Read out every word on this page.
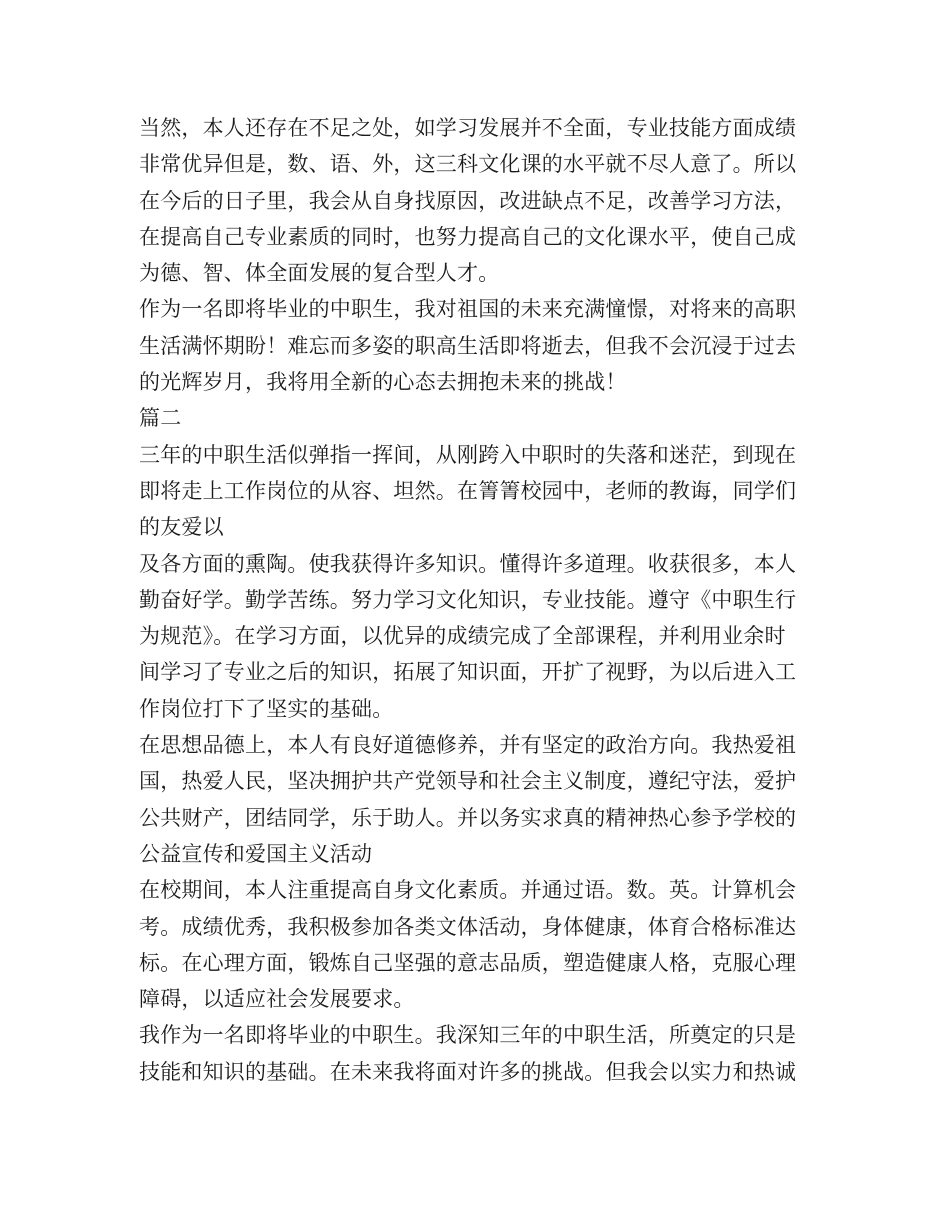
当然，本人还存在不足之处，如学习发展并不全面，专业技能方面成绩
非常优异但是，数、语、外，这三科文化课的水平就不尽人意了。所以
在今后的日子里，我会从自身找原因，改进缺点不足，改善学习方法，
在提高自己专业素质的同时，也努力提高自己的文化课水平，使自己成
为德、智、体全面发展的复合型人才。
作为一名即将毕业的中职生，我对祖国的未来充满憧憬，对将来的高职
生活满怀期盼！难忘而多姿的职高生活即将逝去，但我不会沉浸于过去
的光辉岁月，我将用全新的心态去拥抱未来的挑战！
篇二
三年的中职生活似弹指一挥间，从刚跨入中职时的失落和迷茫，到现在
即将走上工作岗位的从容、坦然。在箐箐校园中，老师的教诲，同学们
的友爱以
及各方面的熏陶。使我获得许多知识。懂得许多道理。收获很多，本人
勤奋好学。勤学苦练。努力学习文化知识，专业技能。遵守《中职生行
为规范》。在学习方面，以优异的成绩完成了全部课程，并利用业余时
间学习了专业之后的知识，拓展了知识面，开扩了视野，为以后进入工
作岗位打下了坚实的基础。
在思想品德上，本人有良好道德修养，并有坚定的政治方向。我热爱祖
国，热爱人民，坚决拥护共产党领导和社会主义制度，遵纪守法，爱护
公共财产，团结同学，乐于助人。并以务实求真的精神热心参予学校的
公益宣传和爱国主义活动
在校期间，本人注重提高自身文化素质。并通过语。数。英。计算机会
考。成绩优秀，我积极参加各类文体活动，身体健康，体育合格标准达
标。在心理方面，锻炼自己坚强的意志品质，塑造健康人格，克服心理
障碍，以适应社会发展要求。
我作为一名即将毕业的中职生。我深知三年的中职生活，所奠定的只是
技能和知识的基础。在未来我将面对许多的挑战。但我会以实力和热诚
